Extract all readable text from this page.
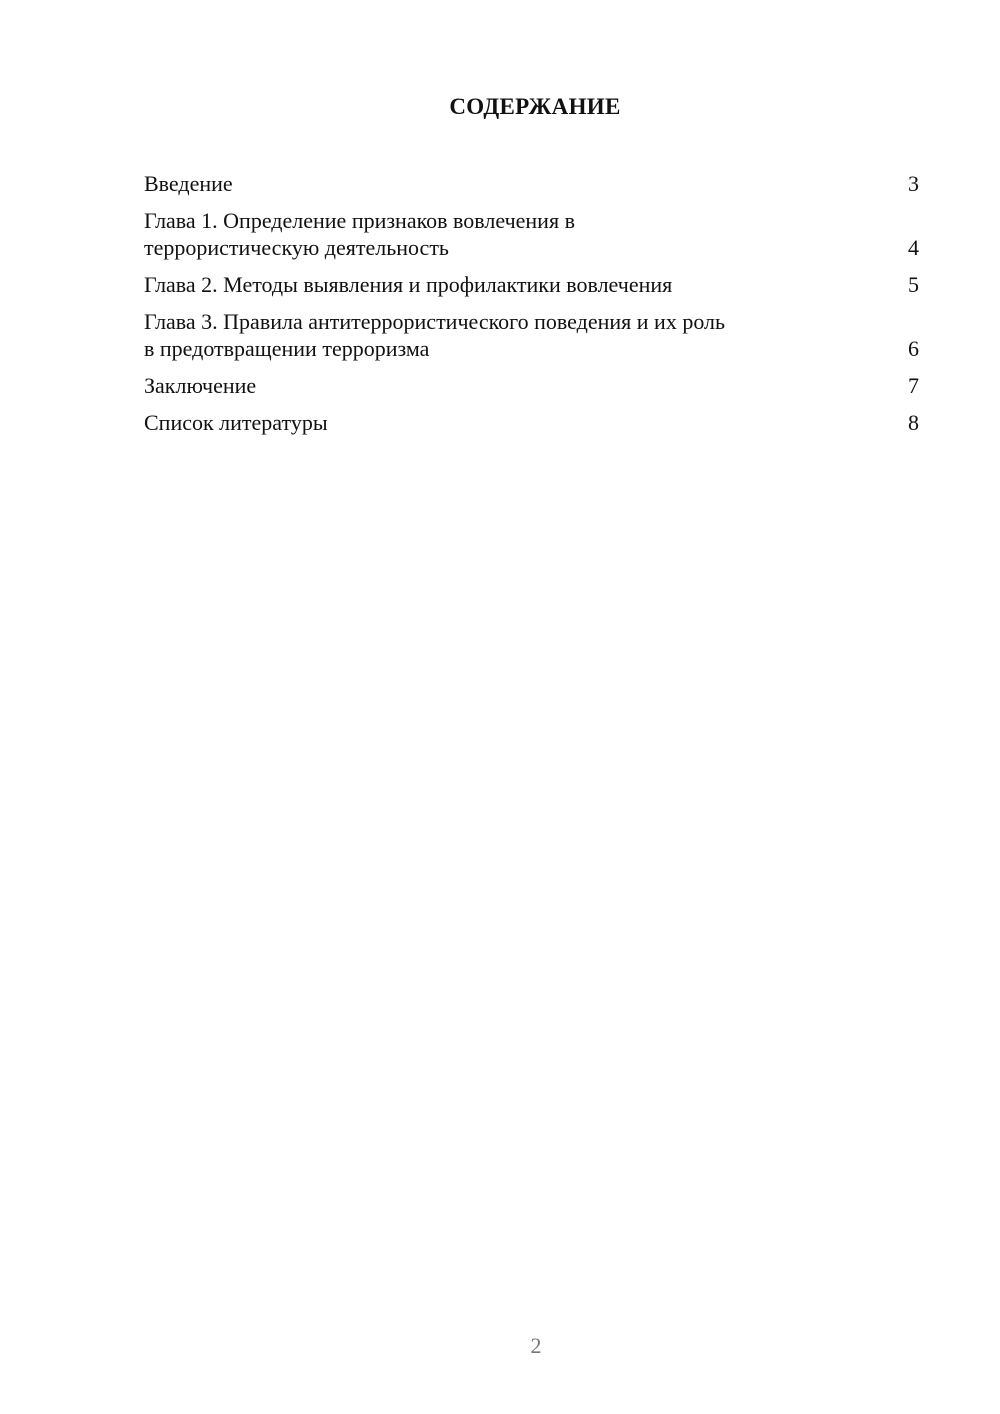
СОДЕРЖАНИЕ
Введение	3
Глава 1. Определение признаков вовлечения в
террористическую деятельность	4
Глава 2. Методы выявления и профилактики вовлечения	5
Глава 3. Правила антитеррористического поведения и их роль
в предотвращении терроризма	6
Заключение	7
Список литературы	8
2
